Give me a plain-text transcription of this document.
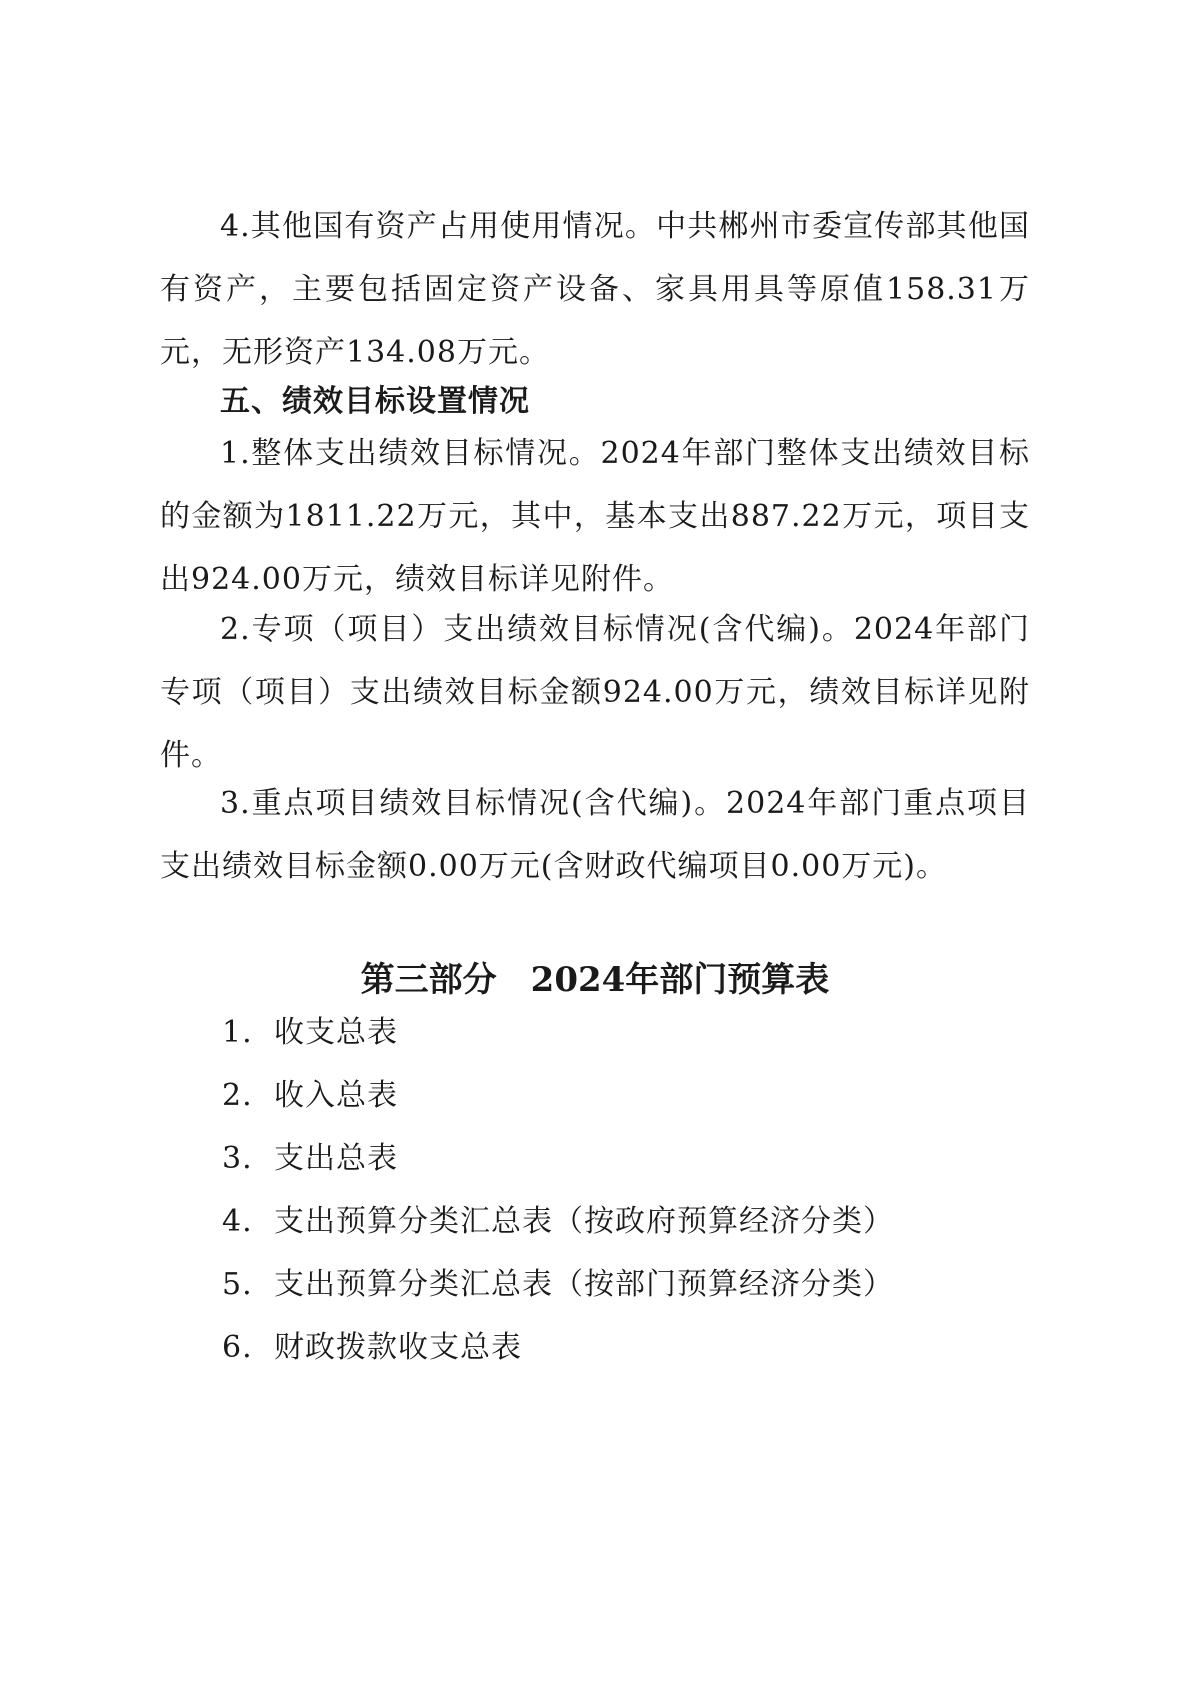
4.其他国有资产占用使用情况。中共郴州市委宣传部其他国有资产，主要包括固定资产设备、家具用具等原值158.31万元，无形资产134.08万元。

五、绩效目标设置情况

1.整体支出绩效目标情况。2024年部门整体支出绩效目标的金额为1811.22万元，其中，基本支出887.22万元，项目支出924.00万元，绩效目标详见附件。

2.专项（项目）支出绩效目标情况(含代编)。2024年部门专项（项目）支出绩效目标金额924.00万元，绩效目标详见附件。

3.重点项目绩效目标情况(含代编)。2024年部门重点项目支出绩效目标金额0.00万元(含财政代编项目0.00万元)。

第三部分　2024年部门预算表
1. 收支总表
2. 收入总表
3. 支出总表
4. 支出预算分类汇总表（按政府预算经济分类）
5. 支出预算分类汇总表（按部门预算经济分类）
6. 财政拨款收支总表
